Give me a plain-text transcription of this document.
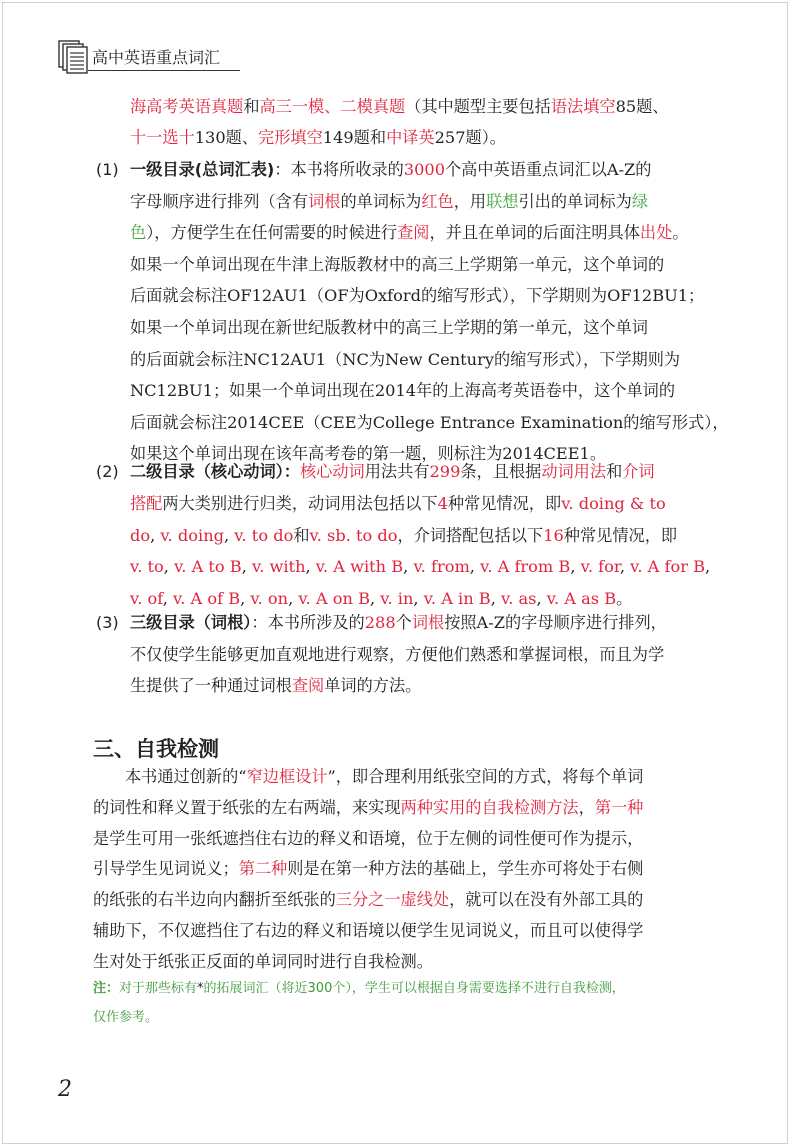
高中英语重点词汇
海高考英语真题和高三一模、二模真题（其中题型主要包括语法填空85题、
十一选十130题、完形填空149题和中译英257题）。
(1)
(2)
(3)
三、自我检测
注：对于那些标有*的拓展词汇（将近300个），学生可以根据自身需要选择不进行自我检测，
仅作参考。
2
一级目录(总词汇表)：本书将所收录的3000个高中英语重点词汇以A-Z的
字母顺序进行排列（含有词根的单词标为红色，用联想引出的单词标为绿
色），方便学生在任何需要的时候进行查阅，并且在单词的后面注明具体出处。
如果一个单词出现在牛津上海版教材中的高三上学期第一单元，这个单词的
后面就会标注OF12AU1（OF为Oxford的缩写形式），下学期则为OF12BU1；
如果一个单词出现在新世纪版教材中的高三上学期的第一单元，这个单词
的后面就会标注NC12AU1（NC为New Century的缩写形式），下学期则为
NC12BU1；如果一个单词出现在2014年的上海高考英语卷中，这个单词的
后面就会标注2014CEE（CEE为College Entrance Examination的缩写形式），
如果这个单词出现在该年高考卷的第一题，则标注为2014CEE1。
二级目录（核心动词）：核心动词用法共有299条，且根据动词用法和介词
搭配两大类别进行归类，动词用法包括以下4种常见情况，即v. doing & to
do, v. doing, v. to do和v. sb. to do，介词搭配包括以下16种常见情况，即
v. to, v. A to B, v. with, v. A with B, v. from, v. A from B, v. for, v. A for B,
v. of, v. A of B, v. on, v. A on B, v. in, v. A in B, v. as, v. A as B。
三级目录（词根）：本书所涉及的288个词根按照A-Z的字母顺序进行排列，
不仅使学生能够更加直观地进行观察，方便他们熟悉和掌握词根，而且为学
生提供了一种通过词根查阅单词的方法。
本书通过创新的“窄边框设计”，即合理利用纸张空间的方式，将每个单词
的词性和释义置于纸张的左右两端，来实现两种实用的自我检测方法，第一种
是学生可用一张纸遮挡住右边的释义和语境，位于左侧的词性便可作为提示，
引导学生见词说义；第二种则是在第一种方法的基础上，学生亦可将处于右侧
的纸张的右半边向内翻折至纸张的三分之一虚线处，就可以在没有外部工具的
辅助下，不仅遮挡住了右边的释义和语境以便学生见词说义，而且可以使得学
生对处于纸张正反面的单词同时进行自我检测。
